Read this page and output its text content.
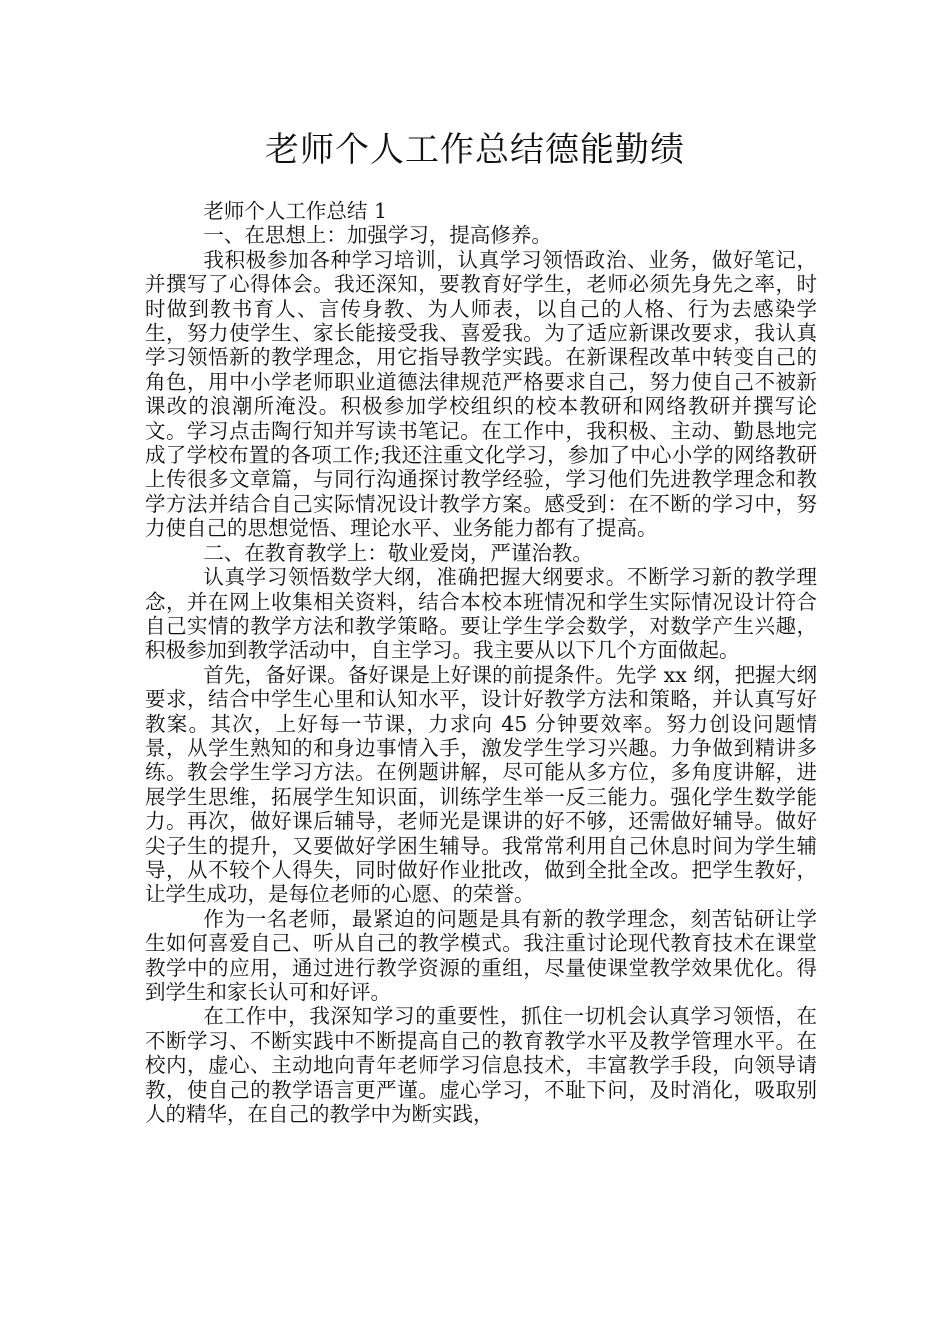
老师个人工作总结德能勤绩

老师个人工作总结 1

一、在思想上：加强学习，提高修养。

我积极参加各种学习培训，认真学习领悟政治、业务，做好笔记，并撰写了心得体会。我还深知，要教育好学生，老师必须先身先之率，时时做到教书育人、言传身教、为人师表，以自己的人格、行为去感染学生，努力使学生、家长能接受我、喜爱我。为了适应新课改要求，我认真学习领悟新的教学理念，用它指导教学实践。在新课程改革中转变自己的角色，用中小学老师职业道德法律规范严格要求自己，努力使自己不被新课改的浪潮所淹没。积极参加学校组织的校本教研和网络教研并撰写论文。学习点击陶行知并写读书笔记。在工作中，我积极、主动、勤恳地完成了学校布置的各项工作;我还注重文化学习，参加了中心小学的网络教研上传很多文章篇，与同行沟通探讨教学经验，学习他们先进教学理念和教学方法并结合自己实际情况设计教学方案。感受到：在不断的学习中，努力使自己的思想觉悟、理论水平、业务能力都有了提高。

二、在教育教学上：敬业爱岗，严谨治教。

认真学习领悟数学大纲，准确把握大纲要求。不断学习新的教学理念，并在网上收集相关资料，结合本校本班情况和学生实际情况设计符合自己实情的教学方法和教学策略。要让学生学会数学，对数学产生兴趣，积极参加到教学活动中，自主学习。我主要从以下几个方面做起。

首先，备好课。备好课是上好课的前提条件。先学 xx 纲，把握大纲要求，结合中学生心里和认知水平，设计好教学方法和策略，并认真写好教案。其次，上好每一节课，力求向 45 分钟要效率。努力创设问题情景，从学生熟知的和身边事情入手，激发学生学习兴趣。力争做到精讲多练。教会学生学习方法。在例题讲解，尽可能从多方位，多角度讲解，进展学生思维，拓展学生知识面，训练学生举一反三能力。强化学生数学能力。再次，做好课后辅导，老师光是课讲的好不够，还需做好辅导。做好尖子生的提升，又要做好学困生辅导。我常常利用自己休息时间为学生辅导，从不较个人得失，同时做好作业批改，做到全批全改。把学生教好，让学生成功，是每位老师的心愿、的荣誉。

作为一名老师，最紧迫的问题是具有新的教学理念，刻苦钻研让学生如何喜爱自己、听从自己的教学模式。我注重讨论现代教育技术在课堂教学中的应用，通过进行教学资源的重组，尽量使课堂教学效果优化。得到学生和家长认可和好评。

在工作中，我深知学习的重要性，抓住一切机会认真学习领悟，在不断学习、不断实践中不断提高自己的教育教学水平及教学管理水平。在校内，虚心、主动地向青年老师学习信息技术，丰富教学手段，向领导请教，使自己的教学语言更严谨。虚心学习，不耻下问，及时消化，吸取别人的精华，在自己的教学中为断实践，
